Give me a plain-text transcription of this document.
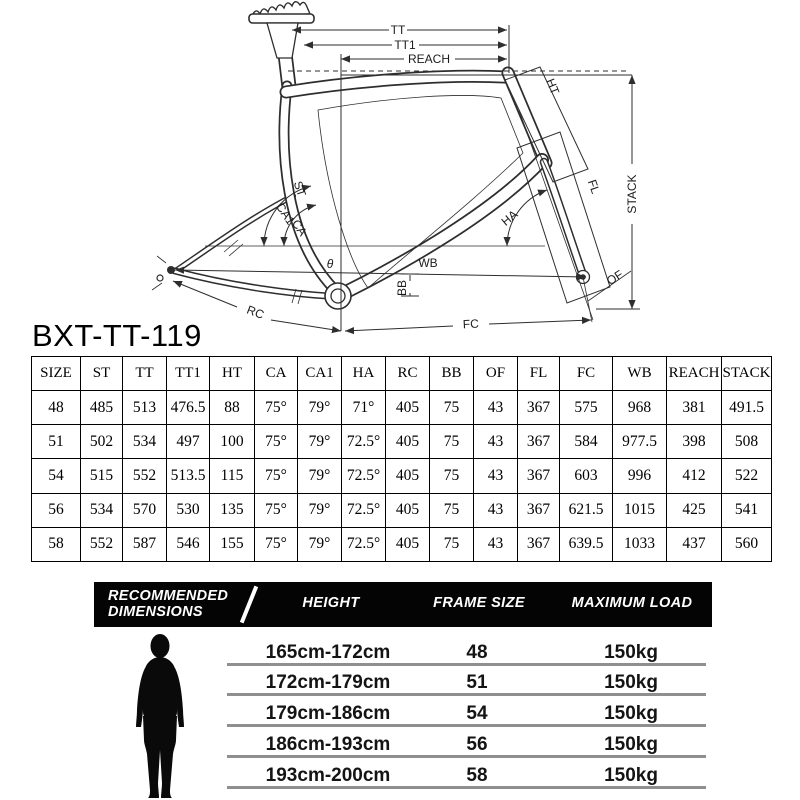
TT
TT1
REACH
STACK
HT
FL
ST
CA1
CA	HA
WB
BB
RC
FC
OF
θ
BXT-TT-119
SIZE	ST	TT	TT1	HT	CA	CA1	HA	RC	BB	OF	FL	FC	WB	REACH	STACK
48	485	513	476.5	88	75°	79°	71°	405	75	43	367	575	968	381	491.5
51	502	534	497	100	75°	79°	72.5°	405	75	43	367	584	977.5	398	508
54	515	552	513.5	115	75°	79°	72.5°	405	75	43	367	603	996	412	522
56	534	570	530	135	75°	79°	72.5°	405	75	43	367	621.5	1015	425	541
58	552	587	546	155	75°	79°	72.5°	405	75	43	367	639.5	1033	437	560
RECOMMENDED
DIMENSIONS
HEIGHT	FRAME SIZE	MAXIMUM LOAD
165cm-172cm	48	150kg
172cm-179cm	51	150kg
179cm-186cm	54	150kg
186cm-193cm	56	150kg
193cm-200cm	58	150kg
